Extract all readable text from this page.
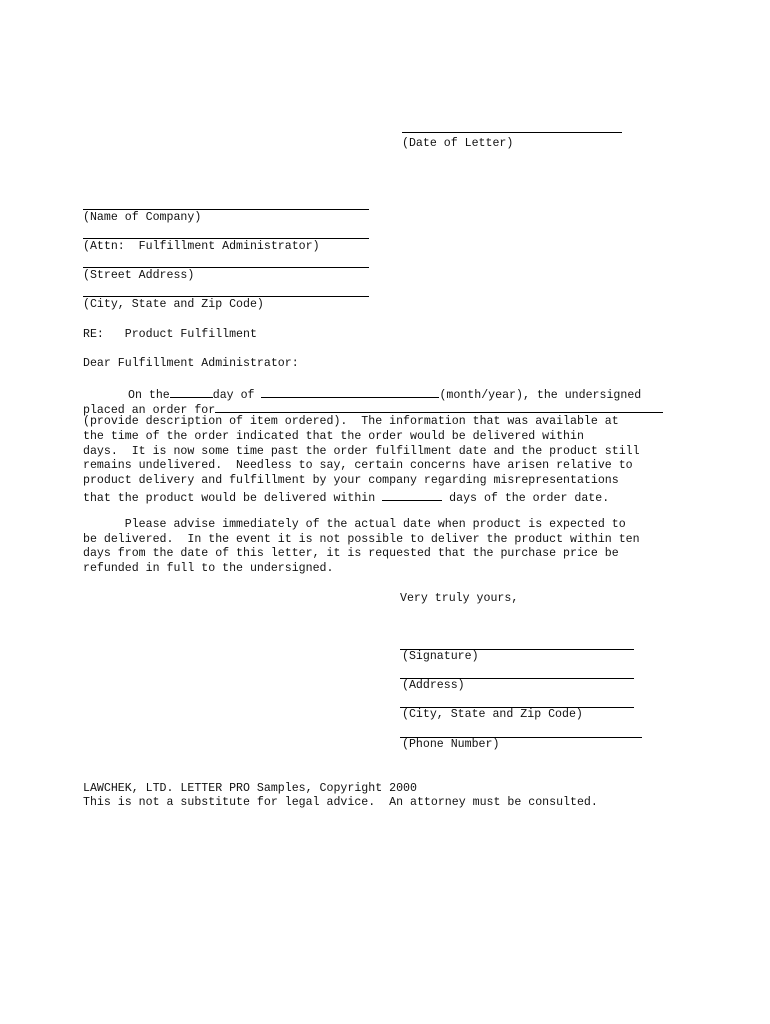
(Date of Letter)
(Name of Company)
(Attn:  Fulfillment Administrator)
(Street Address)
(City, State and Zip Code)
RE:   Product Fulfillment
Dear Fulfillment Administrator:
On the	day of	(month/year), the undersigned
placed an order for
(provide description of item ordered).  The information that was available at
the time of the order indicated that the order would be delivered within
days.  It is now some time past the order fulfillment date and the product still
remains undelivered.  Needless to say, certain concerns have arisen relative to
product delivery and fulfillment by your company regarding misrepresentations
that the product would be delivered within	days of the order date.
Please advise immediately of the actual date when product is expected to
be delivered.  In the event it is not possible to deliver the product within ten
days from the date of this letter, it is requested that the purchase price be
refunded in full to the undersigned.
Very truly yours,
(Signature)
(Address)
(City, State and Zip Code)
(Phone Number)
LAWCHEK, LTD. LETTER PRO Samples, Copyright 2000
This is not a substitute for legal advice.  An attorney must be consulted.
